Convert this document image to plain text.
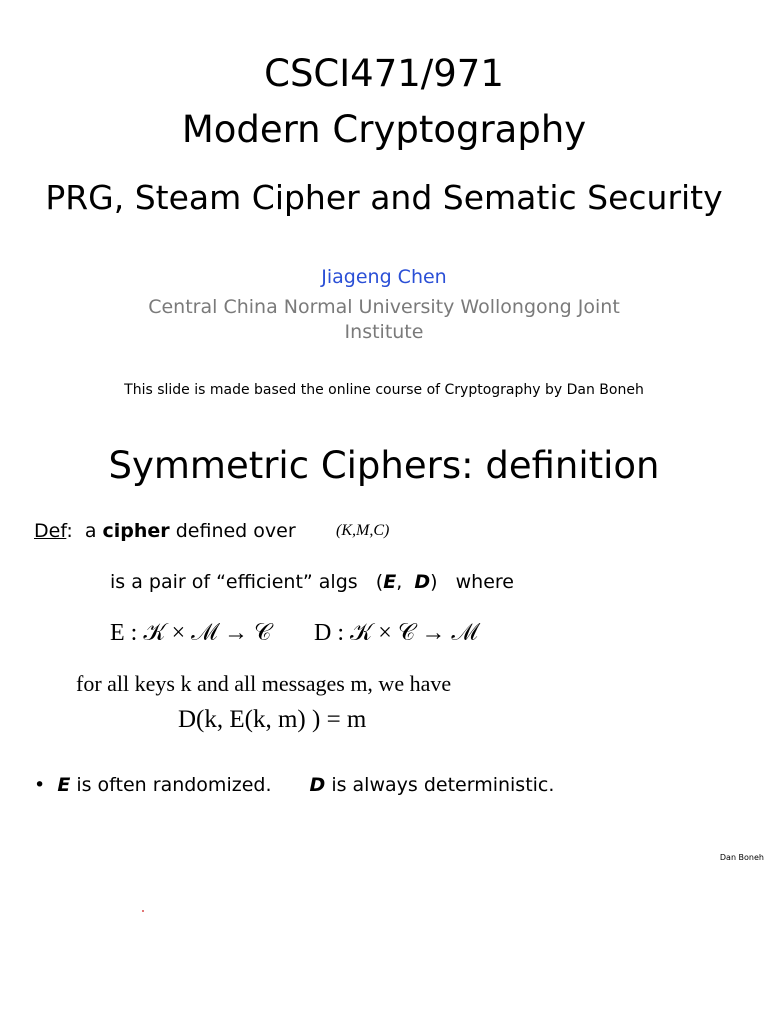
CSCI471/971
Modern Cryptography
PRG, Steam Cipher and Sematic Security
Jiageng Chen
Central China Normal University Wollongong Joint
Institute
This slide is made based the online course of Cryptography by Dan Boneh
Symmetric Ciphers: definition
Def:  a cipher defined over	(K,M,C)
is a pair of “efficient” algs   (E,  D)   where
E : 𝒦 × ℳ → 𝒞 D : 𝒦 × 𝒞 → ℳ
for all keys k and all messages m, we have
D(k, E(k, m) ) = m
• E is often randomized. D is always deterministic.
Dan Boneh
